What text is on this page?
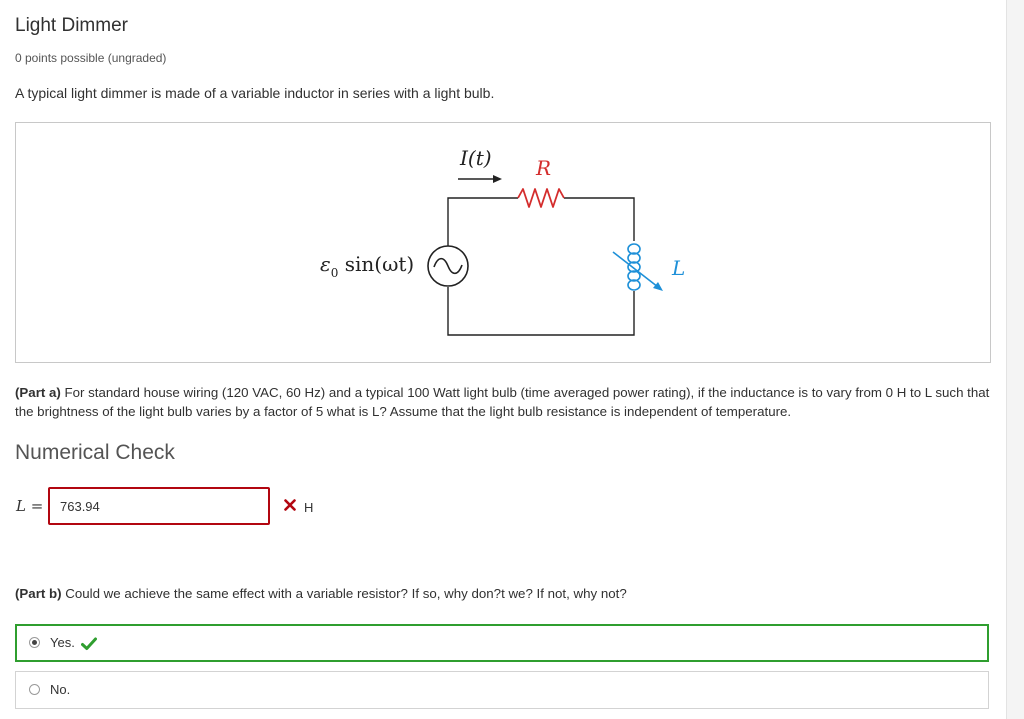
Light Dimmer
0 points possible (ungraded)
A typical light dimmer is made of a variable inductor in series with a light bulb.
I(t) R
$\varepsilon_0$ sin(ωt)	L
(Part a) For standard house wiring (120 VAC, 60 Hz) and a typical 100 Watt light bulb (time averaged power rating), if the inductance is to vary from 0 H to L such that the brightness of the light bulb varies by a factor of 5 what is L? Assume that the light bulb resistance is independent of temperature.
Numerical Check
L =
763.94	H
(Part b) Could we achieve the same effect with a variable resistor? If so, why don?t we? If not, why not?
Yes.
No.
